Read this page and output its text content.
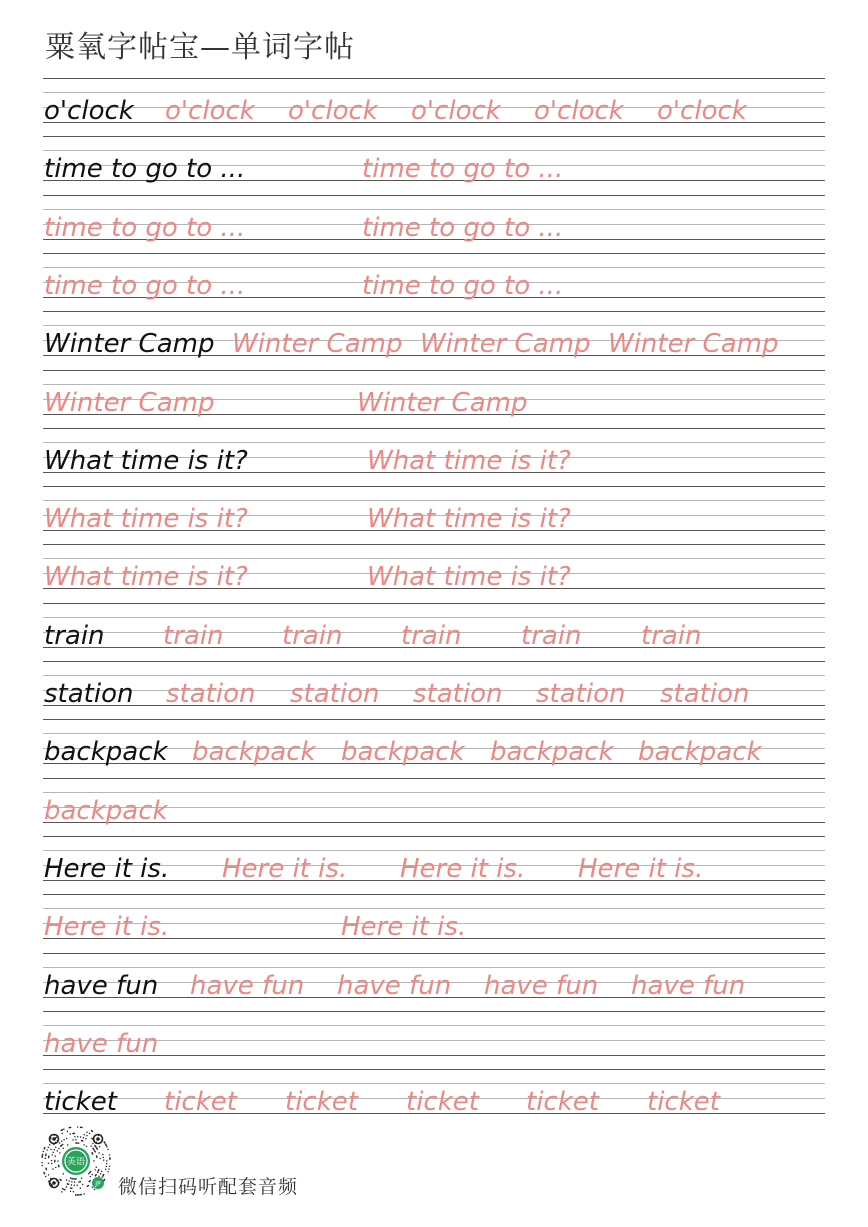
粟氧字帖宝—单词字帖
o'clock o'clock o'clock o'clock o'clock o'clock
time to go to ...	time to go to ...
time to go to ...	time to go to ...
time to go to ...	time to go to ...
Winter Camp Winter Camp Winter Camp Winter Camp
Winter Camp	Winter Camp
What time is it?	What time is it?
What time is it?	What time is it?
What time is it?	What time is it?
train train train train train train
station station station station station station
backpack backpack backpack backpack backpack
backpack
Here it is. Here it is. Here it is. Here it is.
Here it is.	Here it is.
have fun have fun have fun have fun have fun
have fun
ticket ticket ticket ticket ticket ticket
英语
JP 微信扫码听配套音频
